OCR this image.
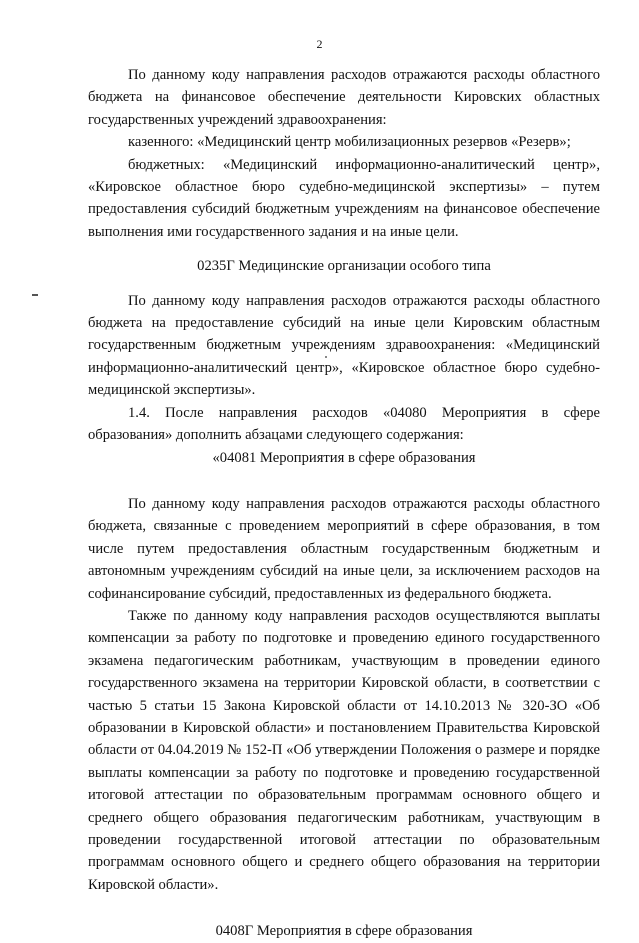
2

По данному коду направления расходов отражаются расходы областного бюджета на финансовое обеспечение деятельности Кировских областных государственных учреждений здравоохранения:

казенного: «Медицинский центр мобилизационных резервов «Резерв»;

бюджетных: «Медицинский информационно-аналитический центр», «Кировское областное бюро судебно-медицинской экспертизы» – путем предоставления субсидий бюджетным учреждениям на финансовое обеспечение выполнения ими государственного задания и на иные цели.

0235Г Медицинские организации особого типа

По данному коду направления расходов отражаются расходы областного бюджета на предоставление субсидий на иные цели Кировским областным государственным бюджетным учреждениям здравоохранения: «Медицинский информационно-аналитический центр», «Кировское областное бюро судебно-медицинской экспертизы».

1.4. После направления расходов «04080 Мероприятия в сфере образования» дополнить абзацами следующего содержания:

«04081 Мероприятия в сфере образования

По данному коду направления расходов отражаются расходы областного бюджета, связанные с проведением мероприятий в сфере образования, в том числе путем предоставления областным государственным бюджетным и автономным учреждениям субсидий на иные цели, за исключением расходов на софинансирование субсидий, предоставленных из федерального бюджета.

Также по данному коду направления расходов осуществляются выплаты компенсации за работу по подготовке и проведению единого государственного экзамена педагогическим работникам, участвующим в проведении единого государственного экзамена на территории Кировской области, в соответствии с частью 5 статьи 15 Закона Кировской области от 14.10.2013 № 320-ЗО «Об образовании в Кировской области» и постановлением Правительства Кировской области от 04.04.2019 № 152-П «Об утверждении Положения о размере и порядке выплаты компенсации за работу по подготовке и проведению государственной итоговой аттестации по образовательным программам основного общего и среднего общего образования педагогическим работникам, участвующим в проведении государственной итоговой аттестации по образовательным программам основного общего и среднего общего образования на территории Кировской области».

0408Г Мероприятия в сфере образования
